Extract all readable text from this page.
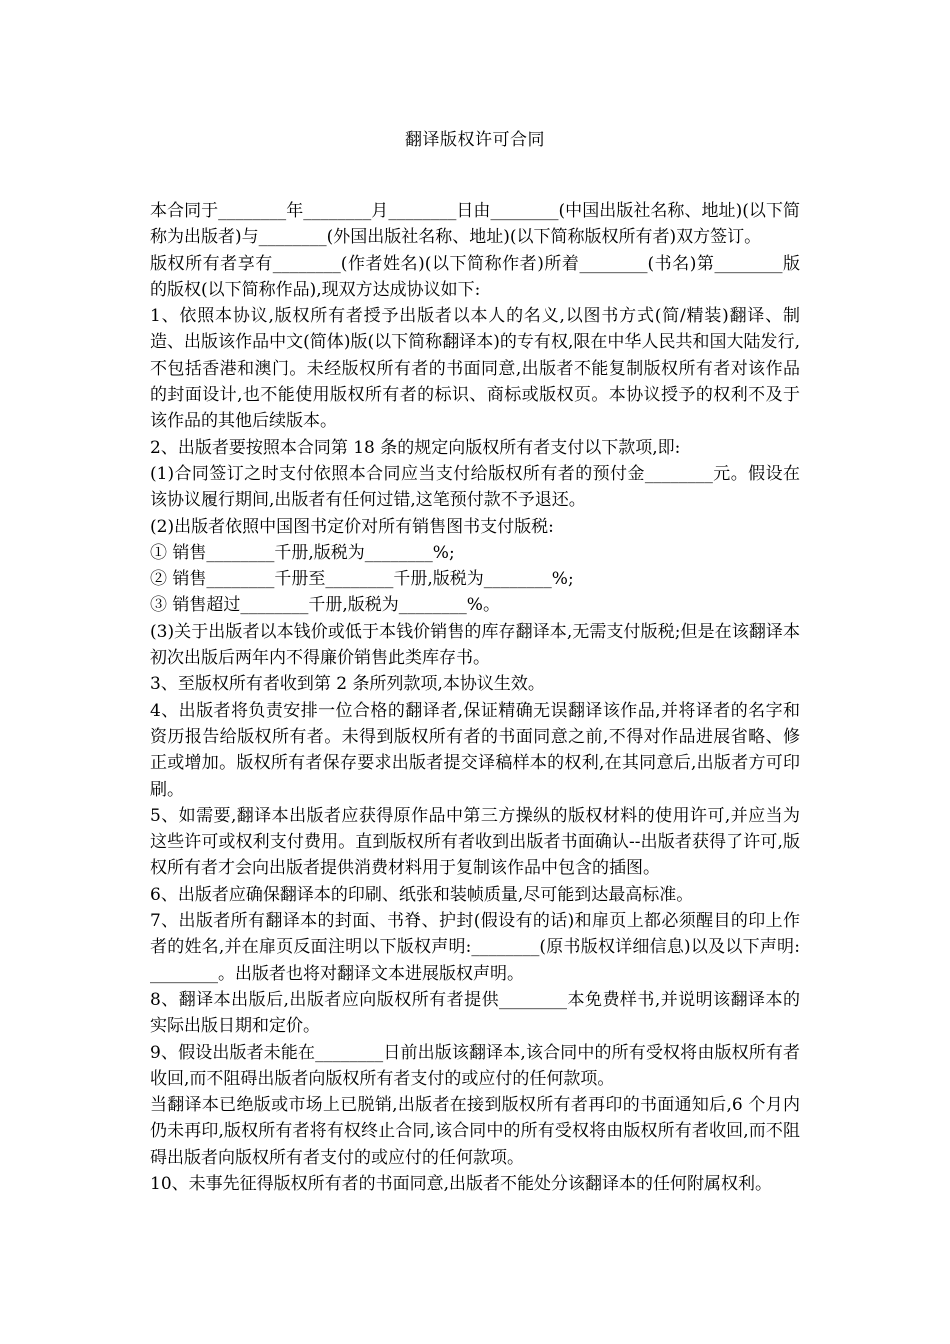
翻译版权许可合同

本合同于________年________月________日由________(中国出版社名称、地址)(以下简称为出版者)与________(外国出版社名称、地址)(以下简称版权所有者)双方签订。

版权所有者享有________(作者姓名)(以下简称作者)所着________(书名)第________版的版权(以下简称作品),现双方达成协议如下:

1、依照本协议,版权所有者授予出版者以本人的名义,以图书方式(简/精装)翻译、制造、出版该作品中文(简体)版(以下简称翻译本)的专有权,限在中华人民共和国大陆发行,不包括香港和澳门。未经版权所有者的书面同意,出版者不能复制版权所有者对该作品的封面设计,也不能使用版权所有者的标识、商标或版权页。本协议授予的权利不及于该作品的其他后续版本。

2、出版者要按照本合同第 18 条的规定向版权所有者支付以下款项,即:

(1)合同签订之时支付依照本合同应当支付给版权所有者的预付金________元。假设在该协议履行期间,出版者有任何过错,这笔预付款不予退还。

(2)出版者依照中国图书定价对所有销售图书支付版税:

① 销售________千册,版税为________%;

② 销售________千册至________千册,版税为________%;

③ 销售超过________千册,版税为________%。

(3)关于出版者以本钱价或低于本钱价销售的库存翻译本,无需支付版税;但是在该翻译本初次出版后两年内不得廉价销售此类库存书。

3、至版权所有者收到第 2 条所列款项,本协议生效。

4、出版者将负责安排一位合格的翻译者,保证精确无误翻译该作品,并将译者的名字和资历报告给版权所有者。未得到版权所有者的书面同意之前,不得对作品进展省略、修正或增加。版权所有者保存要求出版者提交译稿样本的权利,在其同意后,出版者方可印刷。

5、如需要,翻译本出版者应获得原作品中第三方操纵的版权材料的使用许可,并应当为这些许可或权利支付费用。直到版权所有者收到出版者书面确认--出版者获得了许可,版权所有者才会向出版者提供消费材料用于复制该作品中包含的插图。

6、出版者应确保翻译本的印刷、纸张和装帧质量,尽可能到达最高标准。

7、出版者所有翻译本的封面、书脊、护封(假设有的话)和扉页上都必须醒目的印上作者的姓名,并在扉页反面注明以下版权声明:________(原书版权详细信息)以及以下声明:________。出版者也将对翻译文本进展版权声明。

8、翻译本出版后,出版者应向版权所有者提供________本免费样书,并说明该翻译本的实际出版日期和定价。

9、假设出版者未能在________日前出版该翻译本,该合同中的所有受权将由版权所有者收回,而不阻碍出版者向版权所有者支付的或应付的任何款项。

当翻译本已绝版或市场上已脱销,出版者在接到版权所有者再印的书面通知后,6 个月内仍未再印,版权所有者将有权终止合同,该合同中的所有受权将由版权所有者收回,而不阻碍出版者向版权所有者支付的或应付的任何款项。

10、未事先征得版权所有者的书面同意,出版者不能处分该翻译本的任何附属权利。
